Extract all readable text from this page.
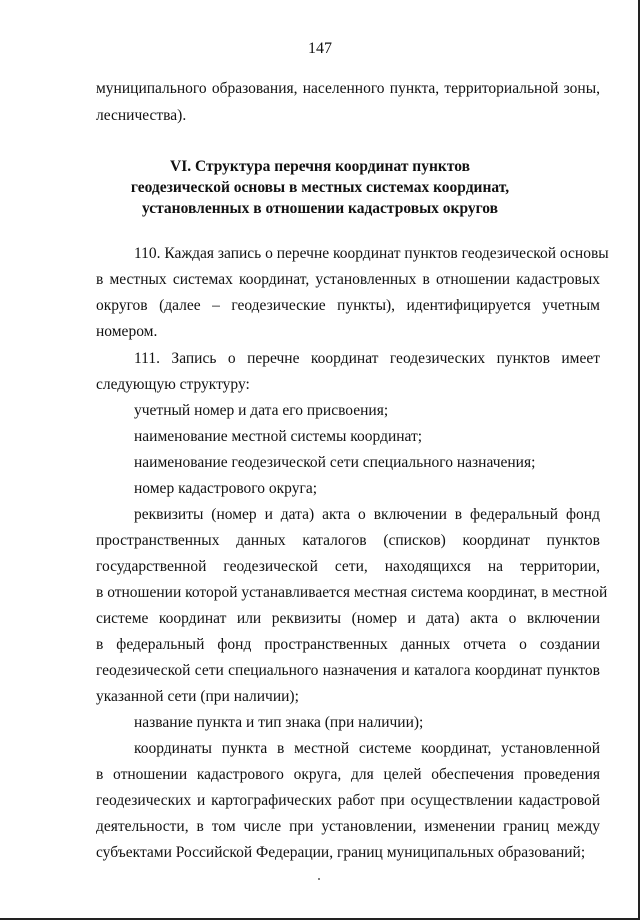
147
муниципального образования, населенного пункта, территориальной зоны,
лесничества).
VI. Структура перечня координат пунктов
геодезической основы в местных системах координат,
установленных в отношении кадастровых округов
110. Каждая запись о перечне координат пунктов геодезической основы
в местных системах координат, установленных в отношении кадастровых
округов (далее – геодезические пункты), идентифицируется учетным
номером.
111. Запись о перечне координат геодезических пунктов имеет
следующую структуру:
учетный номер и дата его присвоения;
наименование местной системы координат;
наименование геодезической сети специального назначения;
номер кадастрового округа;
реквизиты (номер и дата) акта о включении в федеральный фонд
пространственных данных каталогов (списков) координат пунктов
государственной геодезической сети, находящихся на территории,
в отношении которой устанавливается местная система координат, в местной
системе координат или реквизиты (номер и дата) акта о включении
в федеральный фонд пространственных данных отчета о создании
геодезической сети специального назначения и каталога координат пунктов
указанной сети (при наличии);
название пункта и тип знака (при наличии);
координаты пункта в местной системе координат, установленной
в отношении кадастрового округа, для целей обеспечения проведения
геодезических и картографических работ при осуществлении кадастровой
деятельности, в том числе при установлении, изменении границ между
субъектами Российской Федерации, границ муниципальных образований;
